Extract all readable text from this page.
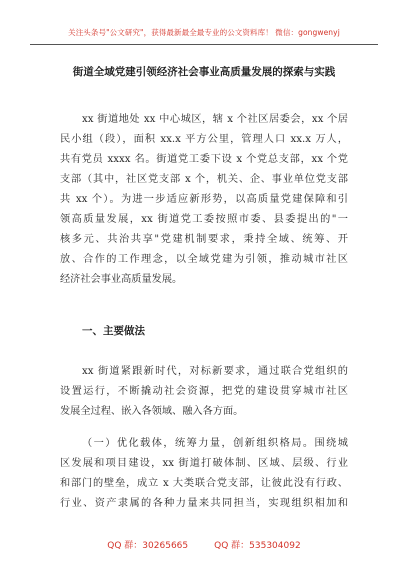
关注头条号"公文研究"，获得最新最全最专业的公文资料库！ 微信：gongwenyj
街道全域党建引领经济社会事业高质量发展的探索与实践
xx 街道地处 xx 中心城区，辖 x 个社区居委会，xx 个居
民小组（段），面积 xx.x 平方公里，管理人口 xx.x 万人，
共有党员 xxxx 名。街道党工委下设 x 个党总支部，xx 个党
支部（其中，社区党支部 x 个，机关、企、事业单位党支部
共 xx 个）。为进一步适应新形势，以高质量党建保障和引
领高质量发展，xx 街道党工委按照市委、县委提出的"一
核多元、共治共享"党建机制要求，秉持全域、统筹、开
放、合作的工作理念，以全域党建为引领，推动城市社区
经济社会事业高质量发展。
一、主要做法
xx 街道紧跟新时代，对标新要求，通过联合党组织的
设置运行，不断撬动社会资源，把党的建设贯穿城市社区
发展全过程、嵌入各领域、融入各方面。
（一）优化载体，统筹力量，创新组织格局。围绕城
区发展和项目建设，xx 街道打破体制、区域、层级、行业
和部门的壁垒，成立 x 大类联合党支部，让彼此没有行政、
行业、资产隶属的各种力量来共同担当，实现组织相加和
QQ 群：30265665	QQ 群：535304092
